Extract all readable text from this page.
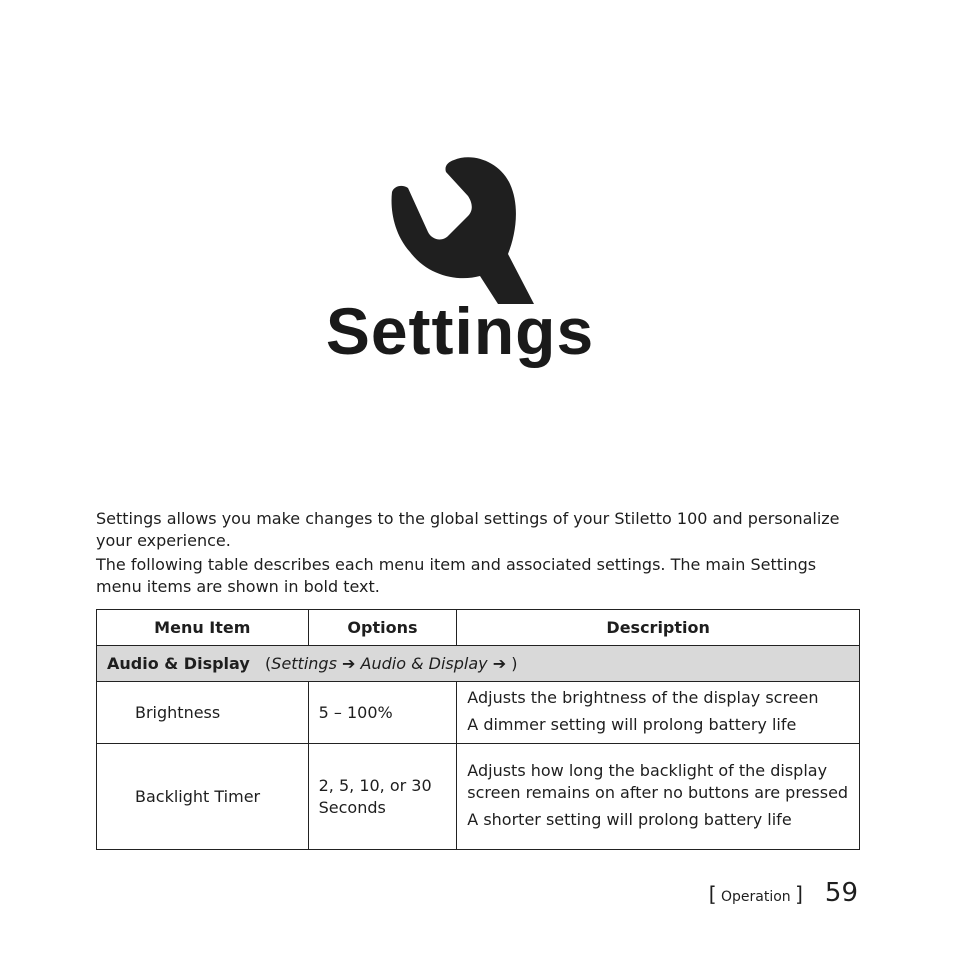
Settings
Settings allows you make changes to the global settings of your Stiletto 100 and personalize your experience.
The following table describes each menu item and associated settings. The main Settings menu items are shown in bold text.
Menu Item	Options	Description
Audio & Display (Settings ➔ Audio & Display ➔ )		
Brightness	5 – 100%	Adjusts the brightness of the display screen
A dimmer setting will prolong battery life

Backlight Timer	2, 5, 10, or 30 Seconds	Adjusts how long the backlight of the display screen remains on after no buttons are pressed
A shorter setting will prolong battery life
[ Operation ] 59
